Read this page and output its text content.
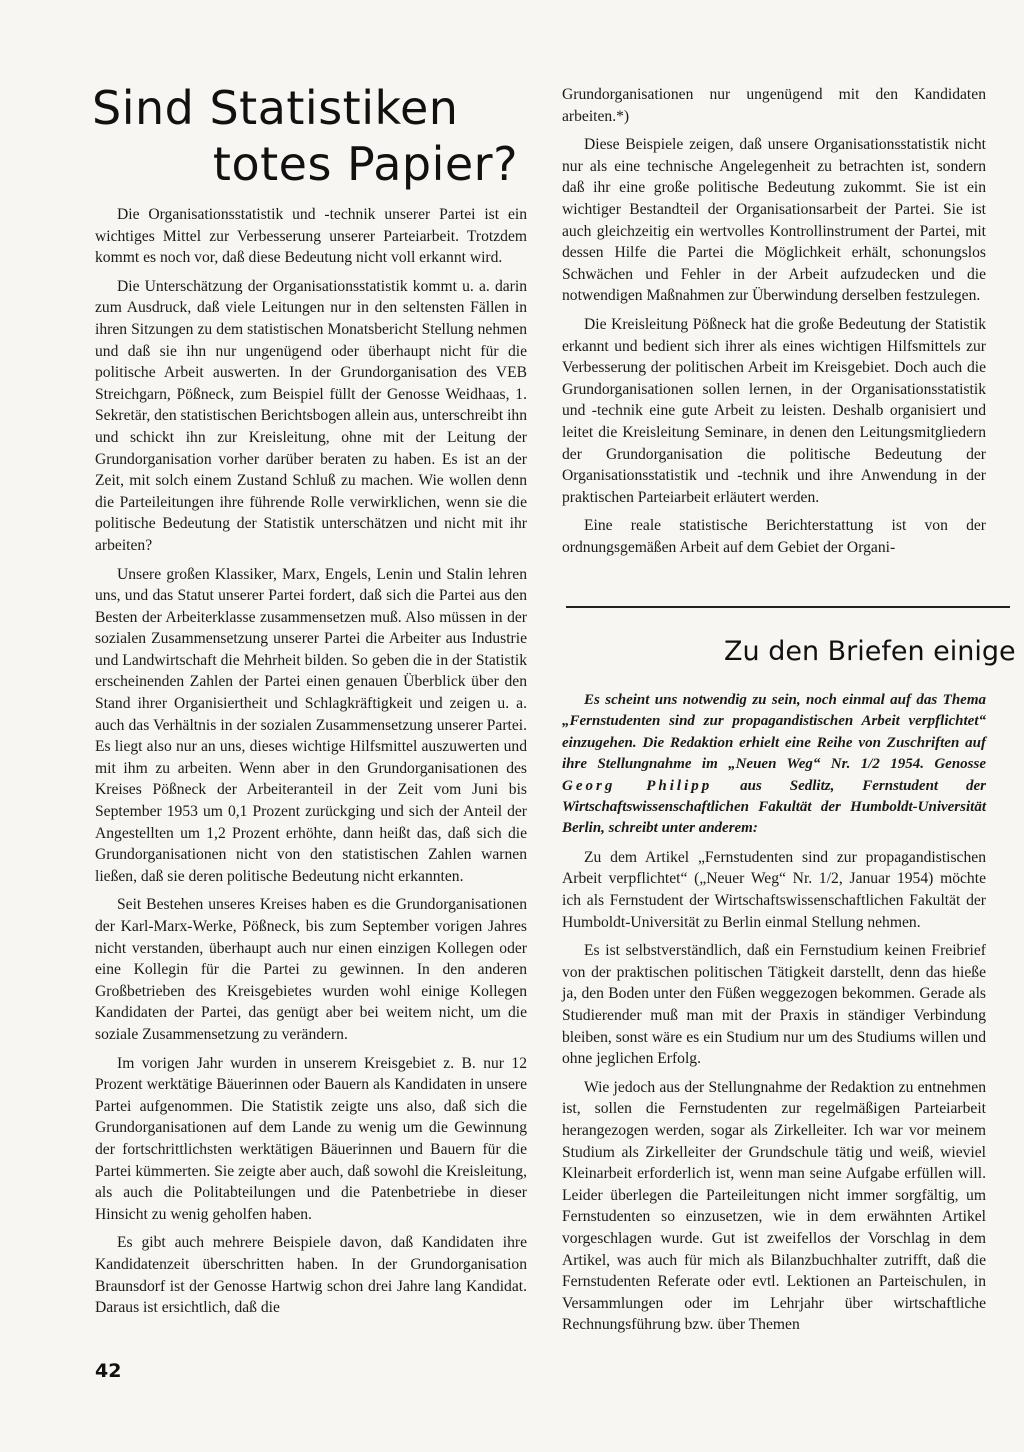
Sind Statistiken
totes Papier?

Die Organisationsstatistik und -technik unserer Partei ist ein wichtiges Mittel zur Verbesserung unserer Parteiarbeit. Trotzdem kommt es noch vor, daß diese Bedeutung nicht voll erkannt wird.

Die Unterschätzung der Organisationsstatistik kommt u. a. darin zum Ausdruck, daß viele Leitungen nur in den seltensten Fällen in ihren Sitzungen zu dem statistischen Monatsbericht Stellung nehmen und daß sie ihn nur ungenügend oder überhaupt nicht für die politische Arbeit auswerten. In der Grundorganisation des VEB Streichgarn, Pößneck, zum Beispiel füllt der Genosse Weidhaas, 1. Sekretär, den statistischen Berichtsbogen allein aus, unterschreibt ihn und schickt ihn zur Kreisleitung, ohne mit der Leitung der Grundorganisation vorher darüber beraten zu haben. Es ist an der Zeit, mit solch einem Zustand Schluß zu machen. Wie wollen denn die Parteileitungen ihre führende Rolle verwirklichen, wenn sie die politische Bedeutung der Statistik unterschätzen und nicht mit ihr arbeiten?

Unsere großen Klassiker, Marx, Engels, Lenin und Stalin lehren uns, und das Statut unserer Partei fordert, daß sich die Partei aus den Besten der Arbeiterklasse zusammensetzen muß. Also müssen in der sozialen Zusammensetzung unserer Partei die Arbeiter aus Industrie und Landwirtschaft die Mehrheit bilden. So geben die in der Statistik erscheinenden Zahlen der Partei einen genauen Überblick über den Stand ihrer Organisiertheit und Schlagkräftigkeit und zeigen u. a. auch das Verhältnis in der sozialen Zusammensetzung unserer Partei. Es liegt also nur an uns, dieses wichtige Hilfsmittel auszuwerten und mit ihm zu arbeiten. Wenn aber in den Grundorganisationen des Kreises Pößneck der Arbeiteranteil in der Zeit vom Juni bis September 1953 um 0,1 Prozent zurückging und sich der Anteil der Angestellten um 1,2 Prozent erhöhte, dann heißt das, daß sich die Grundorganisationen nicht von den statistischen Zahlen warnen ließen, daß sie deren politische Bedeutung nicht erkannten.

Seit Bestehen unseres Kreises haben es die Grundorganisationen der Karl-Marx-Werke, Pößneck, bis zum September vorigen Jahres nicht verstanden, überhaupt auch nur einen einzigen Kollegen oder eine Kollegin für die Partei zu gewinnen. In den anderen Großbetrieben des Kreisgebietes wurden wohl einige Kollegen Kandidaten der Partei, das genügt aber bei weitem nicht, um die soziale Zusammensetzung zu verändern.

Im vorigen Jahr wurden in unserem Kreisgebiet z. B. nur 12 Prozent werktätige Bäuerinnen oder Bauern als Kandidaten in unsere Partei aufgenommen. Die Statistik zeigte uns also, daß sich die Grundorganisationen auf dem Lande zu wenig um die Gewinnung der fortschrittlichsten werktätigen Bäuerinnen und Bauern für die Partei kümmerten. Sie zeigte aber auch, daß sowohl die Kreisleitung, als auch die Politabteilungen und die Patenbetriebe in dieser Hinsicht zu wenig geholfen haben.

Es gibt auch mehrere Beispiele davon, daß Kandidaten ihre Kandidatenzeit überschritten haben. In der Grundorganisation Braunsdorf ist der Genosse Hartwig schon drei Jahre lang Kandidat. Daraus ist ersichtlich, daß die

Grundorganisationen nur ungenügend mit den Kandidaten arbeiten.*)

Diese Beispiele zeigen, daß unsere Organisationsstatistik nicht nur als eine technische Angelegenheit zu betrachten ist, sondern daß ihr eine große politische Bedeutung zukommt. Sie ist ein wichtiger Bestandteil der Organisationsarbeit der Partei. Sie ist auch gleichzeitig ein wertvolles Kontrollinstrument der Partei, mit dessen Hilfe die Partei die Möglichkeit erhält, schonungslos Schwächen und Fehler in der Arbeit aufzudecken und die notwendigen Maßnahmen zur Überwindung derselben festzulegen.

Die Kreisleitung Pößneck hat die große Bedeutung der Statistik erkannt und bedient sich ihrer als eines wichtigen Hilfsmittels zur Verbesserung der politischen Arbeit im Kreisgebiet. Doch auch die Grundorganisationen sollen lernen, in der Organisationsstatistik und -technik eine gute Arbeit zu leisten. Deshalb organisiert und leitet die Kreisleitung Seminare, in denen den Leitungsmitgliedern der Grundorganisation die politische Bedeutung der Organisationsstatistik und -technik und ihre Anwendung in der praktischen Parteiarbeit erläutert werden.

Eine reale statistische Berichterstattung ist von der ordnungsgemäßen Arbeit auf dem Gebiet der Organi-

Zu den Briefen einige

Es scheint uns notwendig zu sein, noch einmal auf das Thema „Fernstudenten sind zur propagandistischen Arbeit verpflichtet“ einzugehen. Die Redaktion erhielt eine Reihe von Zuschriften auf ihre Stellungnahme im „Neuen Weg“ Nr. 1/2 1954. Genosse Georg Philipp aus Sedlitz, Fernstudent der Wirtschaftswissenschaftlichen Fakultät der Humboldt-Universität Berlin, schreibt unter anderem:

Zu dem Artikel „Fernstudenten sind zur propagandistischen Arbeit verpflichtet“ („Neuer Weg“ Nr. 1/2, Januar 1954) möchte ich als Fernstudent der Wirtschaftswissenschaftlichen Fakultät der Humboldt-Universität zu Berlin einmal Stellung nehmen.

Es ist selbstverständlich, daß ein Fernstudium keinen Freibrief von der praktischen politischen Tätigkeit darstellt, denn das hieße ja, den Boden unter den Füßen weggezogen bekommen. Gerade als Studierender muß man mit der Praxis in ständiger Verbindung bleiben, sonst wäre es ein Studium nur um des Studiums willen und ohne jeglichen Erfolg.

Wie jedoch aus der Stellungnahme der Redaktion zu entnehmen ist, sollen die Fernstudenten zur regelmäßigen Parteiarbeit herangezogen werden, sogar als Zirkelleiter. Ich war vor meinem Studium als Zirkelleiter der Grundschule tätig und weiß, wieviel Kleinarbeit erforderlich ist, wenn man seine Aufgabe erfüllen will. Leider überlegen die Parteileitungen nicht immer sorgfältig, um Fernstudenten so einzusetzen, wie in dem erwähnten Artikel vorgeschlagen wurde. Gut ist zweifellos der Vorschlag in dem Artikel, was auch für mich als Bilanzbuchhalter zutrifft, daß die Fernstudenten Referate oder evtl. Lektionen an Parteischulen, in Versammlungen oder im Lehrjahr über wirtschaftliche Rechnungsführung bzw. über Themen

42
